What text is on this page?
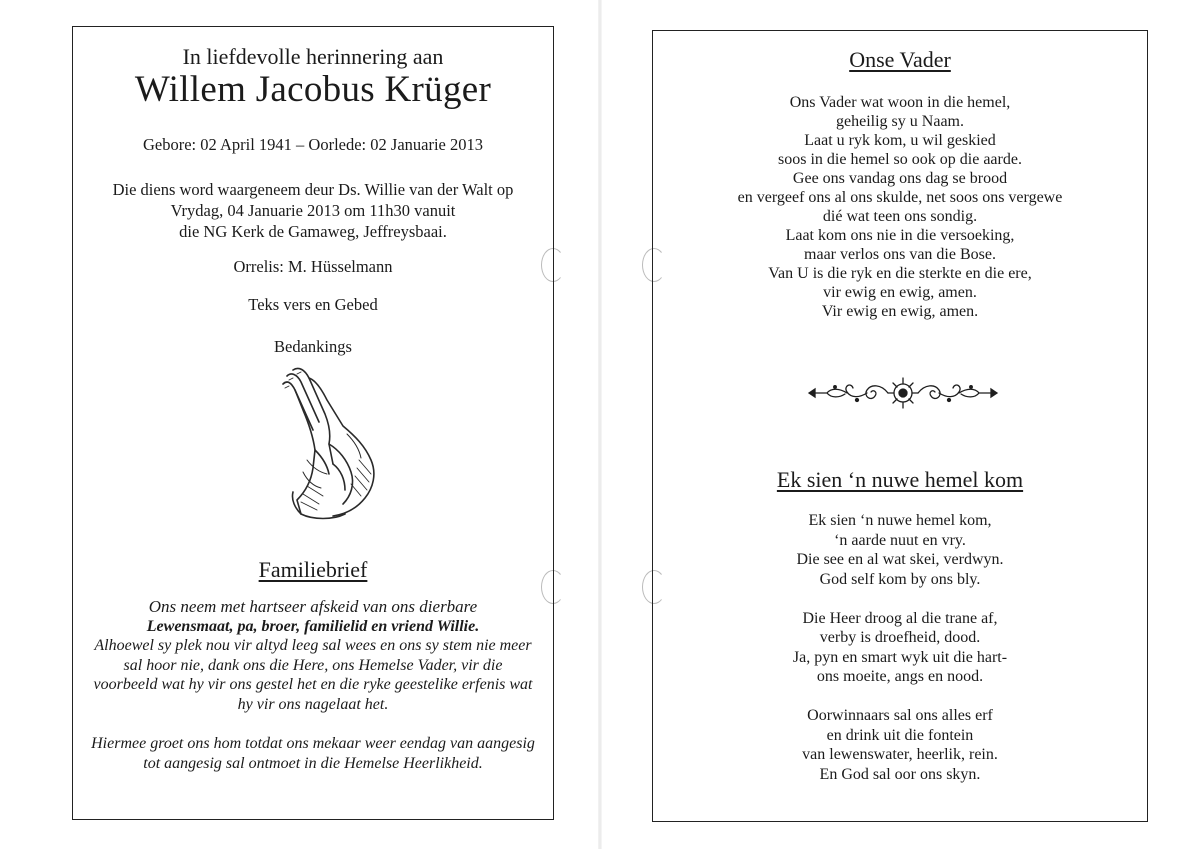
In liefdevolle herinnering aan
Willem Jacobus Krüger
Gebore: 02 April 1941 – Oorlede: 02 Januarie 2013
Die diens word waargeneem deur Ds. Willie van der Walt op
Vrydag, 04 Januarie 2013 om 11h30 vanuit
die NG Kerk de Gamaweg, Jeffreysbaai.
Orrelis: M. Hüsselmann
Teks vers en Gebed
Bedankings
Familiebrief
Ons neem met hartseer afskeid van ons dierbare
Lewensmaat, pa, broer, familielid en vriend Willie.
Alhoewel sy plek nou vir altyd leeg sal wees en ons sy stem nie meer
sal hoor nie, dank ons die Here, ons Hemelse Vader, vir die
voorbeeld wat hy vir ons gestel het en die ryke geestelike erfenis wat
hy vir ons nagelaat het.
Hiermee groet ons hom totdat ons mekaar weer eendag van aangesig
tot aangesig sal ontmoet in die Hemelse Heerlikheid.
Onse Vader
Ons Vader wat woon in die hemel,
geheilig sy u Naam.
Laat u ryk kom, u wil geskied
soos in die hemel so ook op die aarde.
Gee ons vandag ons dag se brood
en vergeef ons al ons skulde, net soos ons vergewe
dié wat teen ons sondig.
Laat kom ons nie in die versoeking,
maar verlos ons van die Bose.
Van U is die ryk en die sterkte en die ere,
vir ewig en ewig, amen.
Vir ewig en ewig, amen.
Ek sien ‘n nuwe hemel kom
Ek sien ‘n nuwe hemel kom,
‘n aarde nuut en vry.
Die see en al wat skei, verdwyn.
God self kom by ons bly.
Die Heer droog al die trane af,
verby is droefheid, dood.
Ja, pyn en smart wyk uit die hart-
ons moeite, angs en nood.
Oorwinnaars sal ons alles erf
en drink uit die fontein
van lewenswater, heerlik, rein.
En God sal oor ons skyn.
